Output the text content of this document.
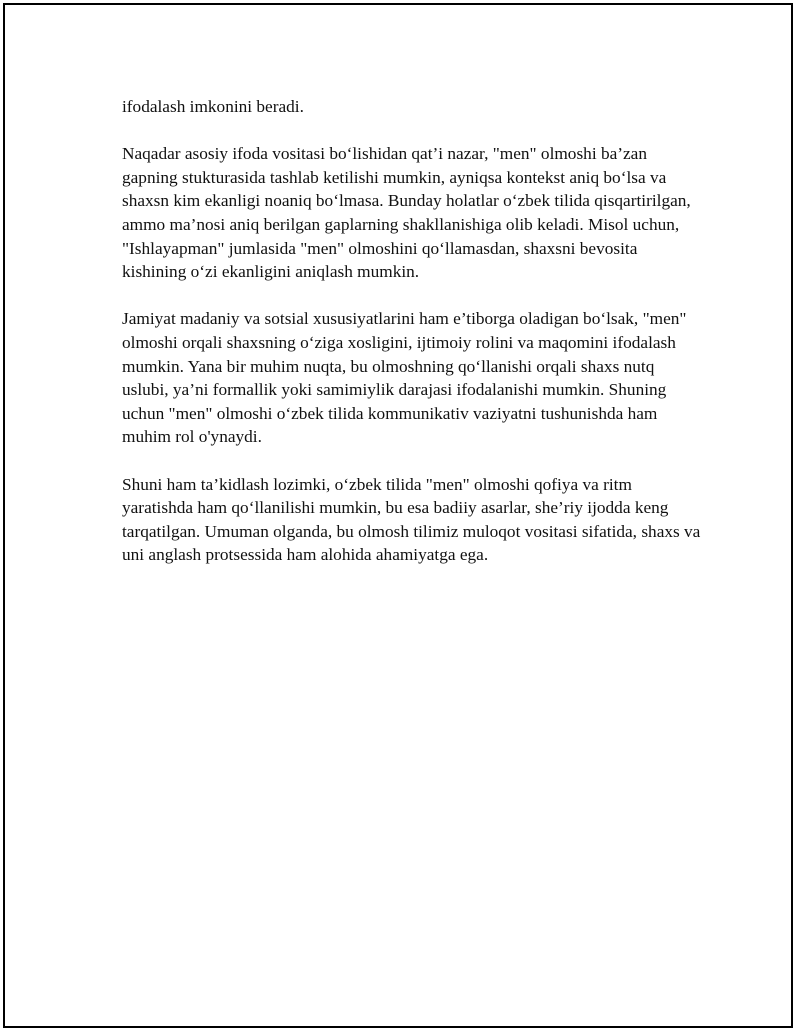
ifodalash imkonini beradi.

Naqadar asosiy ifoda vositasi bo‘lishidan qat’i nazar, "men" olmoshi ba’zan gapning stukturasida tashlab ketilishi mumkin, ayniqsa kontekst aniq bo‘lsa va shaxsn kim ekanligi noaniq bo‘lmasa. Bunday holatlar o‘zbek tilida qisqartirilgan, ammo ma’nosi aniq berilgan gaplarning shakllanishiga olib keladi. Misol uchun, "Ishlayapman" jumlasida "men" olmoshini qo‘llamasdan, shaxsni bevosita kishining o‘zi ekanligini aniqlash mumkin.

Jamiyat madaniy va sotsial xususiyatlarini ham e’tiborga oladigan bo‘lsak, "men" olmoshi orqali shaxsning o‘ziga xosligini, ijtimoiy rolini va maqomini ifodalash mumkin. Yana bir muhim nuqta, bu olmoshning qo‘llanishi orqali shaxs nutq uslubi, ya’ni formallik yoki samimiylik darajasi ifodalanishi mumkin. Shuning uchun "men" olmoshi o‘zbek tilida kommunikativ vaziyatni tushunishda ham muhim rol o'ynaydi.

Shuni ham ta’kidlash lozimki, o‘zbek tilida "men" olmoshi qofiya va ritm yaratishda ham qo‘llanilishi mumkin, bu esa badiiy asarlar, she’riy ijodda keng tarqatilgan. Umuman olganda, bu olmosh tilimiz muloqot vositasi sifatida, shaxs va uni anglash protsessida ham alohida ahamiyatga ega.
